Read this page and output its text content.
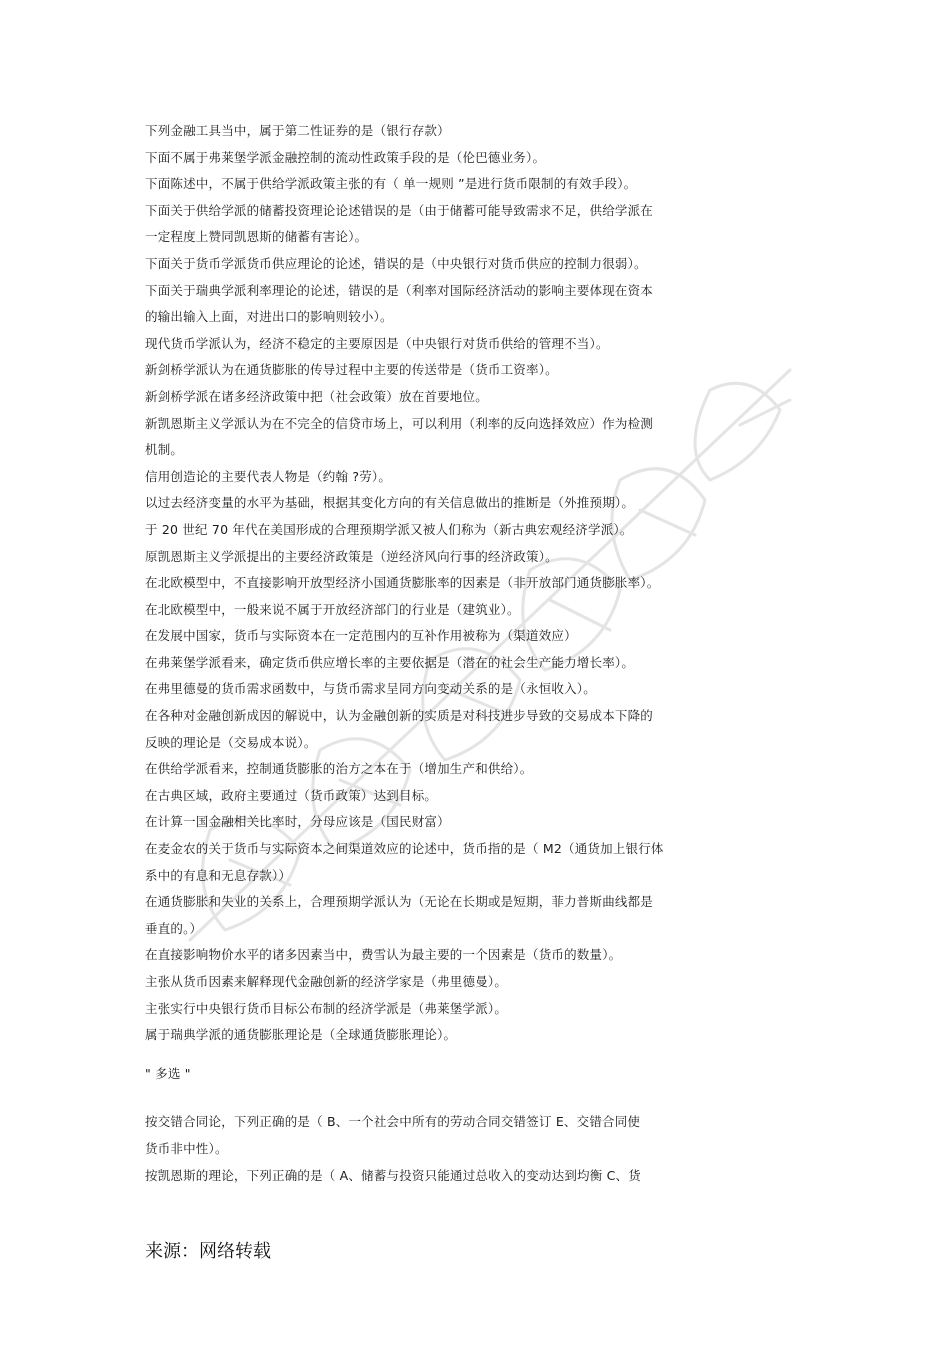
下列金融工具当中，属于第二性证券的是（银行存款）
下面不属于弗莱堡学派金融控制的流动性政策手段的是（伦巴德业务）。
下面陈述中，不属于供给学派政策主张的有（ 单一规则 ”是进行货币限制的有效手段）。
下面关于供给学派的储蓄投资理论论述错误的是（由于储蓄可能导致需求不足，供给学派在
一定程度上赞同凯恩斯的储蓄有害论）。
下面关于货币学派货币供应理论的论述，错误的是（中央银行对货币供应的控制力很弱）。
下面关于瑞典学派利率理论的论述，错误的是（利率对国际经济活动的影响主要体现在资本
的输出输入上面，对进出口的影响则较小）。
现代货币学派认为，经济不稳定的主要原因是（中央银行对货币供给的管理不当）。
新剑桥学派认为在通货膨胀的传导过程中主要的传送带是（货币工资率）。
新剑桥学派在诸多经济政策中把（社会政策）放在首要地位。
新凯恩斯主义学派认为在不完全的信贷市场上，可以利用（利率的反向选择效应）作为检测
机制。
信用创造论的主要代表人物是（约翰 ?劳）。
以过去经济变量的水平为基础，根据其变化方向的有关信息做出的推断是（外推预期）。
于 20 世纪 70 年代在美国形成的合理预期学派又被人们称为（新古典宏观经济学派）。
原凯恩斯主义学派提出的主要经济政策是（逆经济风向行事的经济政策）。
在北欧模型中，不直接影响开放型经济小国通货膨胀率的因素是（非开放部门通货膨胀率）。
在北欧模型中，一般来说不属于开放经济部门的行业是（建筑业）。
在发展中国家，货币与实际资本在一定范围内的互补作用被称为（渠道效应）
在弗莱堡学派看来，确定货币供应增长率的主要依据是（潜在的社会生产能力增长率）。
在弗里德曼的货币需求函数中，与货币需求呈同方向变动关系的是（永恒收入）。
在各种对金融创新成因的解说中，认为金融创新的实质是对科技进步导致的交易成本下降的
反映的理论是（交易成本说）。
在供给学派看来，控制通货膨胀的治方之本在于（增加生产和供给）。
在古典区域，政府主要通过（货币政策）达到目标。
在计算一国金融相关比率时，分母应该是（国民财富）
在麦金农的关于货币与实际资本之间渠道效应的论述中，货币指的是（ M2（通货加上银行体
系中的有息和无息存款））
在通货膨胀和失业的关系上，合理预期学派认为（无论在长期或是短期，菲力普斯曲线都是
垂直的。）
在直接影响物价水平的诸多因素当中，费雪认为最主要的一个因素是（货币的数量）。
主张从货币因素来解释现代金融创新的经济学家是（弗里德曼）。
主张实行中央银行货币目标公布制的经济学派是（弗莱堡学派）。
属于瑞典学派的通货膨胀理论是（全球通货膨胀理论）。
" 多选 "
按交错合同论，下列正确的是（ B、一个社会中所有的劳动合同交错签订 E、交错合同使
货币非中性）。
按凯恩斯的理论，下列正确的是（ A、储蓄与投资只能通过总收入的变动达到均衡 C、货
来源：网络转载
